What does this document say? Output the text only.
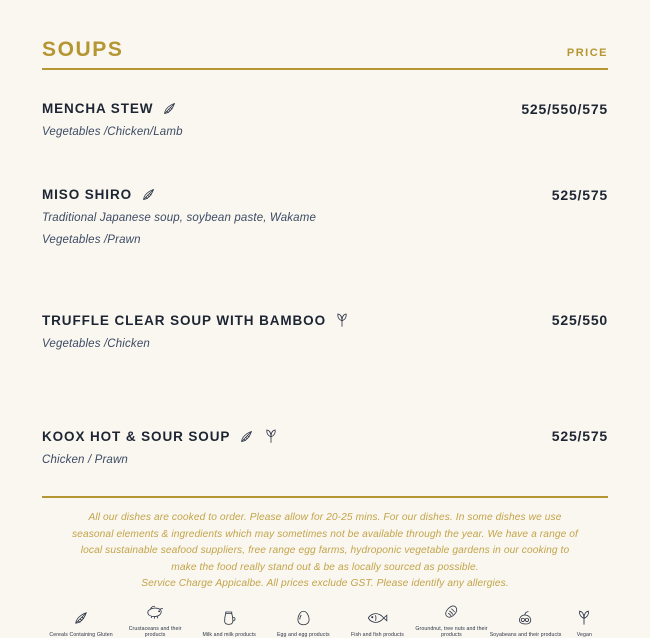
SOUPS	PRICE
MENCHA STEW
Vegetables /Chicken/Lamb
525/550/575
MISO SHIRO
Traditional Japanese soup, soybean paste, Wakame
Vegetables /Prawn
525/575
TRUFFLE CLEAR SOUP WITH BAMBOO
Vegetables /Chicken
525/550
KOOX HOT & SOUR SOUP
Chicken / Prawn
525/575
All our dishes are cooked to order. Please allow for 20-25 mins. For our dishes. In some dishes we use
seasonal elements & ingredients which may sometimes not be available through the year. We have a range of
local sustainable seafood suppliers, free range egg farms, hydroponic vegetable gardens in our cooking to
make the food really stand out & be as locally sourced as possible.
Service Charge Appicalbe. All prices exclude GST. Please identify any allergies.
Cereals Containing Gluten
Crustaceans and their products	Milk and milk products	Egg and egg products	Fish and fish products
Groundnut, tree nuts and their products	Soyabeans and their products	Vegan
